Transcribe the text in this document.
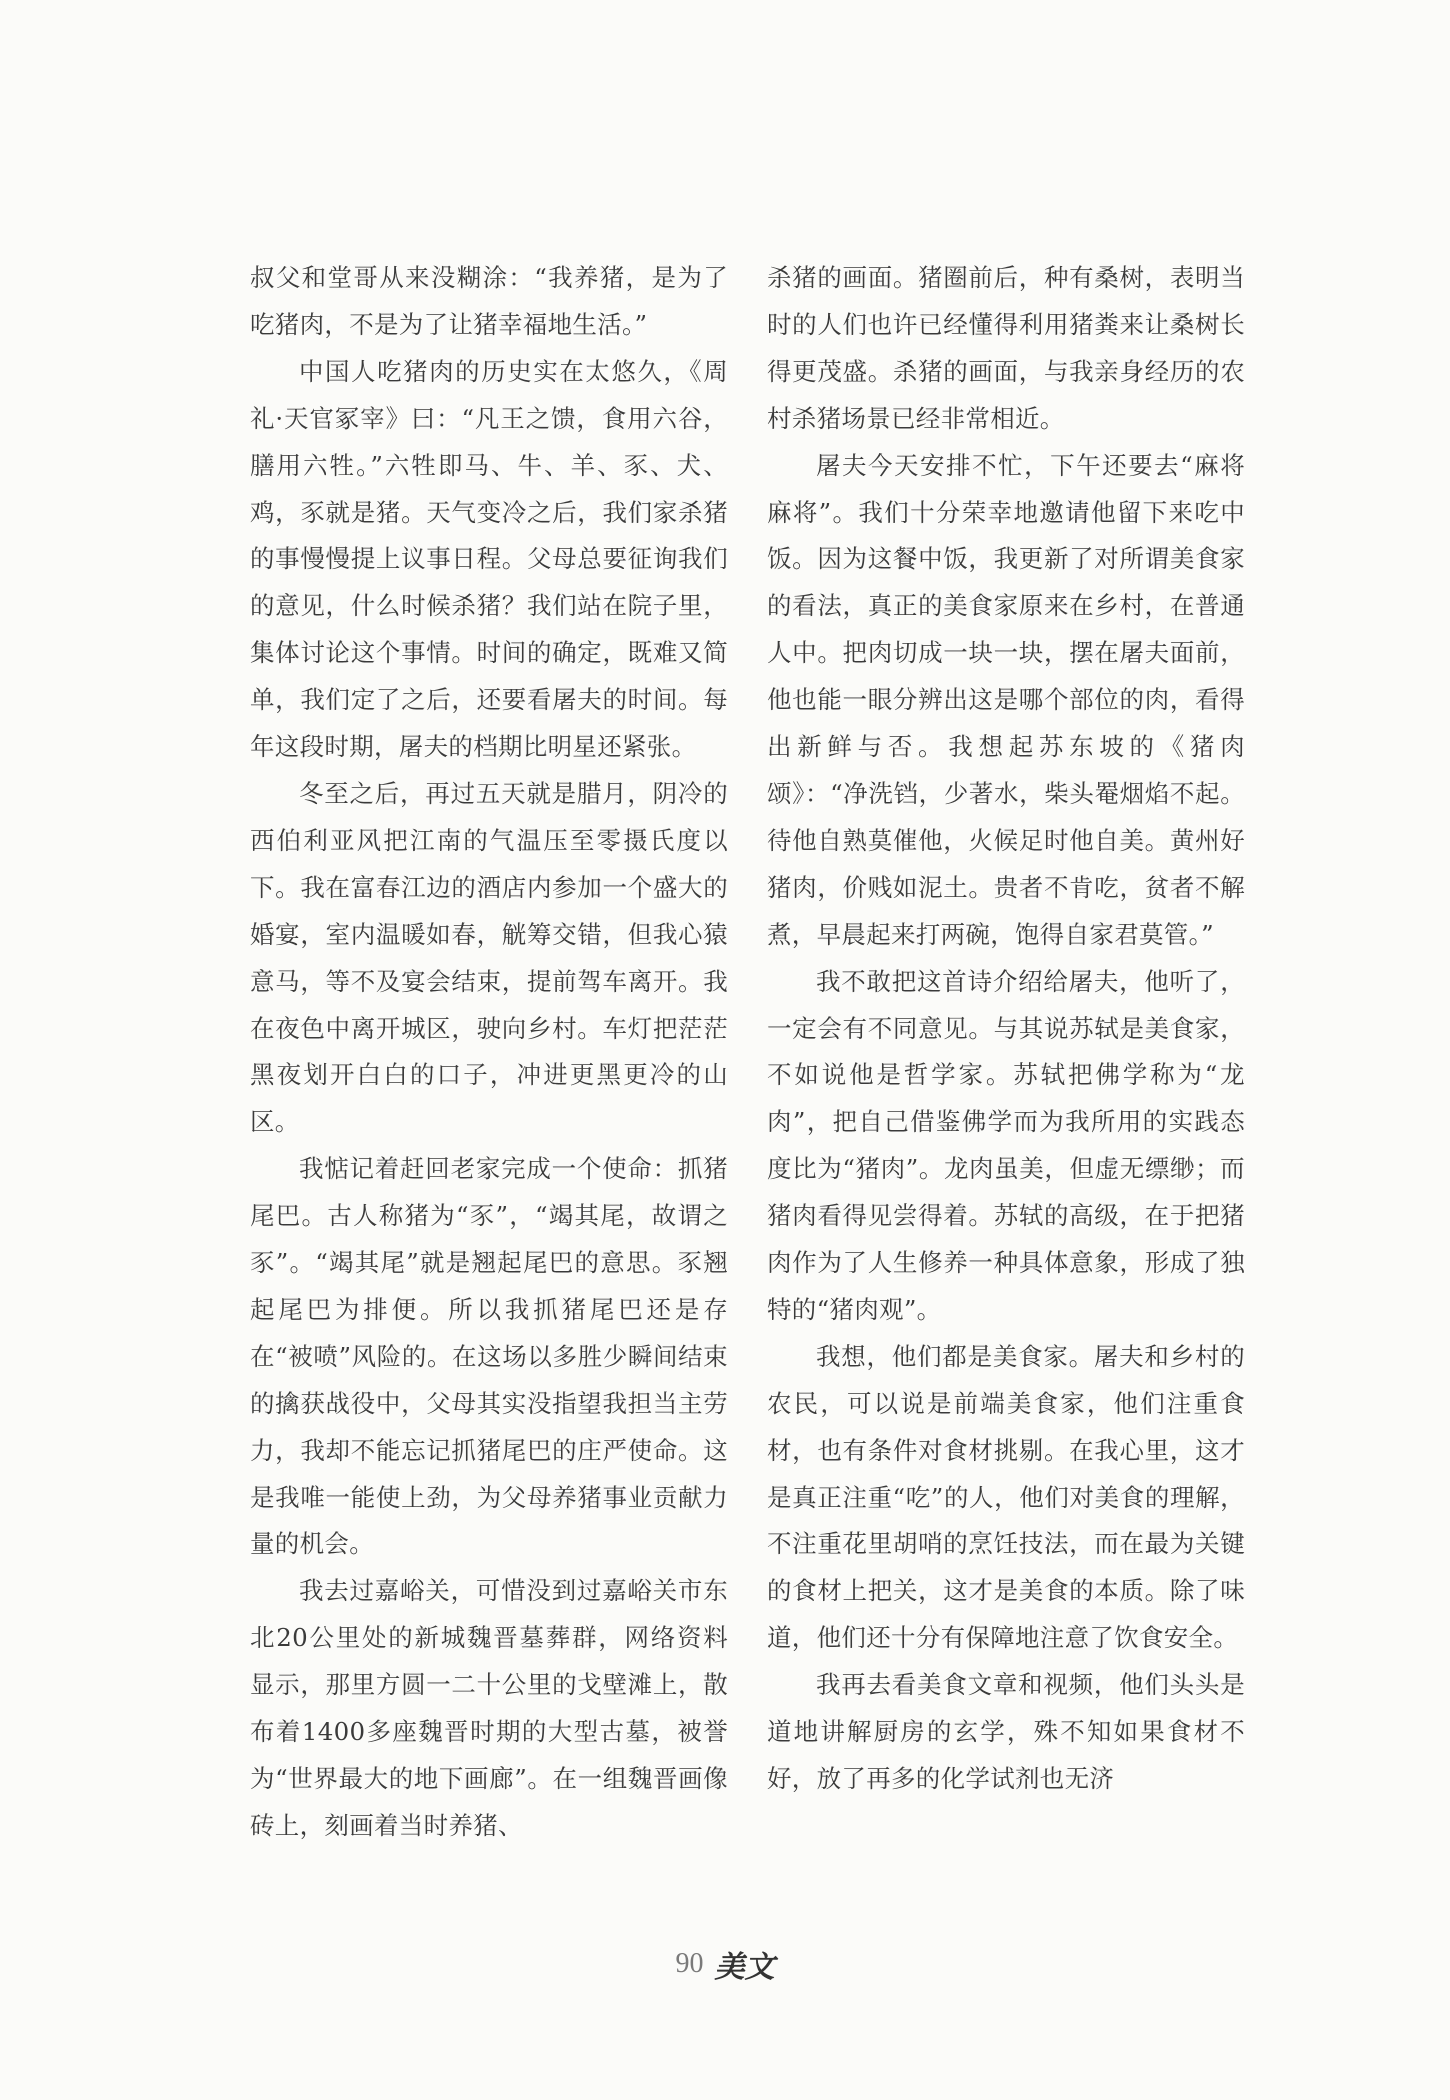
叔父和堂哥从来没糊涂：“我养猪，是为了吃猪肉，不是为了让猪幸福地生活。”

中国人吃猪肉的历史实在太悠久，《周礼·天官冢宰》曰：“凡王之馈，食用六谷，膳用六牲。”六牲即马、牛、羊、豕、犬、鸡，豕就是猪。天气变冷之后，我们家杀猪的事慢慢提上议事日程。父母总要征询我们的意见，什么时候杀猪？我们站在院子里，集体讨论这个事情。时间的确定，既难又简单，我们定了之后，还要看屠夫的时间。每年这段时期，屠夫的档期比明星还紧张。

冬至之后，再过五天就是腊月，阴冷的西伯利亚风把江南的气温压至零摄氏度以下。我在富春江边的酒店内参加一个盛大的婚宴，室内温暖如春，觥筹交错，但我心猿意马，等不及宴会结束，提前驾车离开。我在夜色中离开城区，驶向乡村。车灯把茫茫黑夜划开白白的口子，冲进更黑更冷的山区。

我惦记着赶回老家完成一个使命：抓猪尾巴。古人称猪为“豕”，“竭其尾，故谓之豕”。“竭其尾”就是翘起尾巴的意思。豕翘起尾巴为排便。所以我抓猪尾巴还是存在“被喷”风险的。在这场以多胜少瞬间结束的擒获战役中，父母其实没指望我担当主劳力，我却不能忘记抓猪尾巴的庄严使命。这是我唯一能使上劲，为父母养猪事业贡献力量的机会。

我去过嘉峪关，可惜没到过嘉峪关市东北20公里处的新城魏晋墓葬群，网络资料显示，那里方圆一二十公里的戈壁滩上，散布着1400多座魏晋时期的大型古墓，被誉为“世界最大的地下画廊”。在一组魏晋画像砖上，刻画着当时养猪、

杀猪的画面。猪圈前后，种有桑树，表明当时的人们也许已经懂得利用猪粪来让桑树长得更茂盛。杀猪的画面，与我亲身经历的农村杀猪场景已经非常相近。

屠夫今天安排不忙，下午还要去“麻将麻将”。我们十分荣幸地邀请他留下来吃中饭。因为这餐中饭，我更新了对所谓美食家的看法，真正的美食家原来在乡村，在普通人中。把肉切成一块一块，摆在屠夫面前，他也能一眼分辨出这是哪个部位的肉，看得出新鲜与否。我想起苏东坡的《猪肉颂》：“净洗铛，少著水，柴头罨烟焰不起。待他自熟莫催他，火候足时他自美。黄州好猪肉，价贱如泥土。贵者不肯吃，贫者不解煮，早晨起来打两碗，饱得自家君莫管。”

我不敢把这首诗介绍给屠夫，他听了，一定会有不同意见。与其说苏轼是美食家，不如说他是哲学家。苏轼把佛学称为“龙肉”，把自己借鉴佛学而为我所用的实践态度比为“猪肉”。龙肉虽美，但虚无缥缈；而猪肉看得见尝得着。苏轼的高级，在于把猪肉作为了人生修养一种具体意象，形成了独特的“猪肉观”。

我想，他们都是美食家。屠夫和乡村的农民，可以说是前端美食家，他们注重食材，也有条件对食材挑剔。在我心里，这才是真正注重“吃”的人，他们对美食的理解，不注重花里胡哨的烹饪技法，而在最为关键的食材上把关，这才是美食的本质。除了味道，他们还十分有保障地注意了饮食安全。

我再去看美食文章和视频，他们头头是道地讲解厨房的玄学，殊不知如果食材不好，放了再多的化学试剂也无济

90 美文
